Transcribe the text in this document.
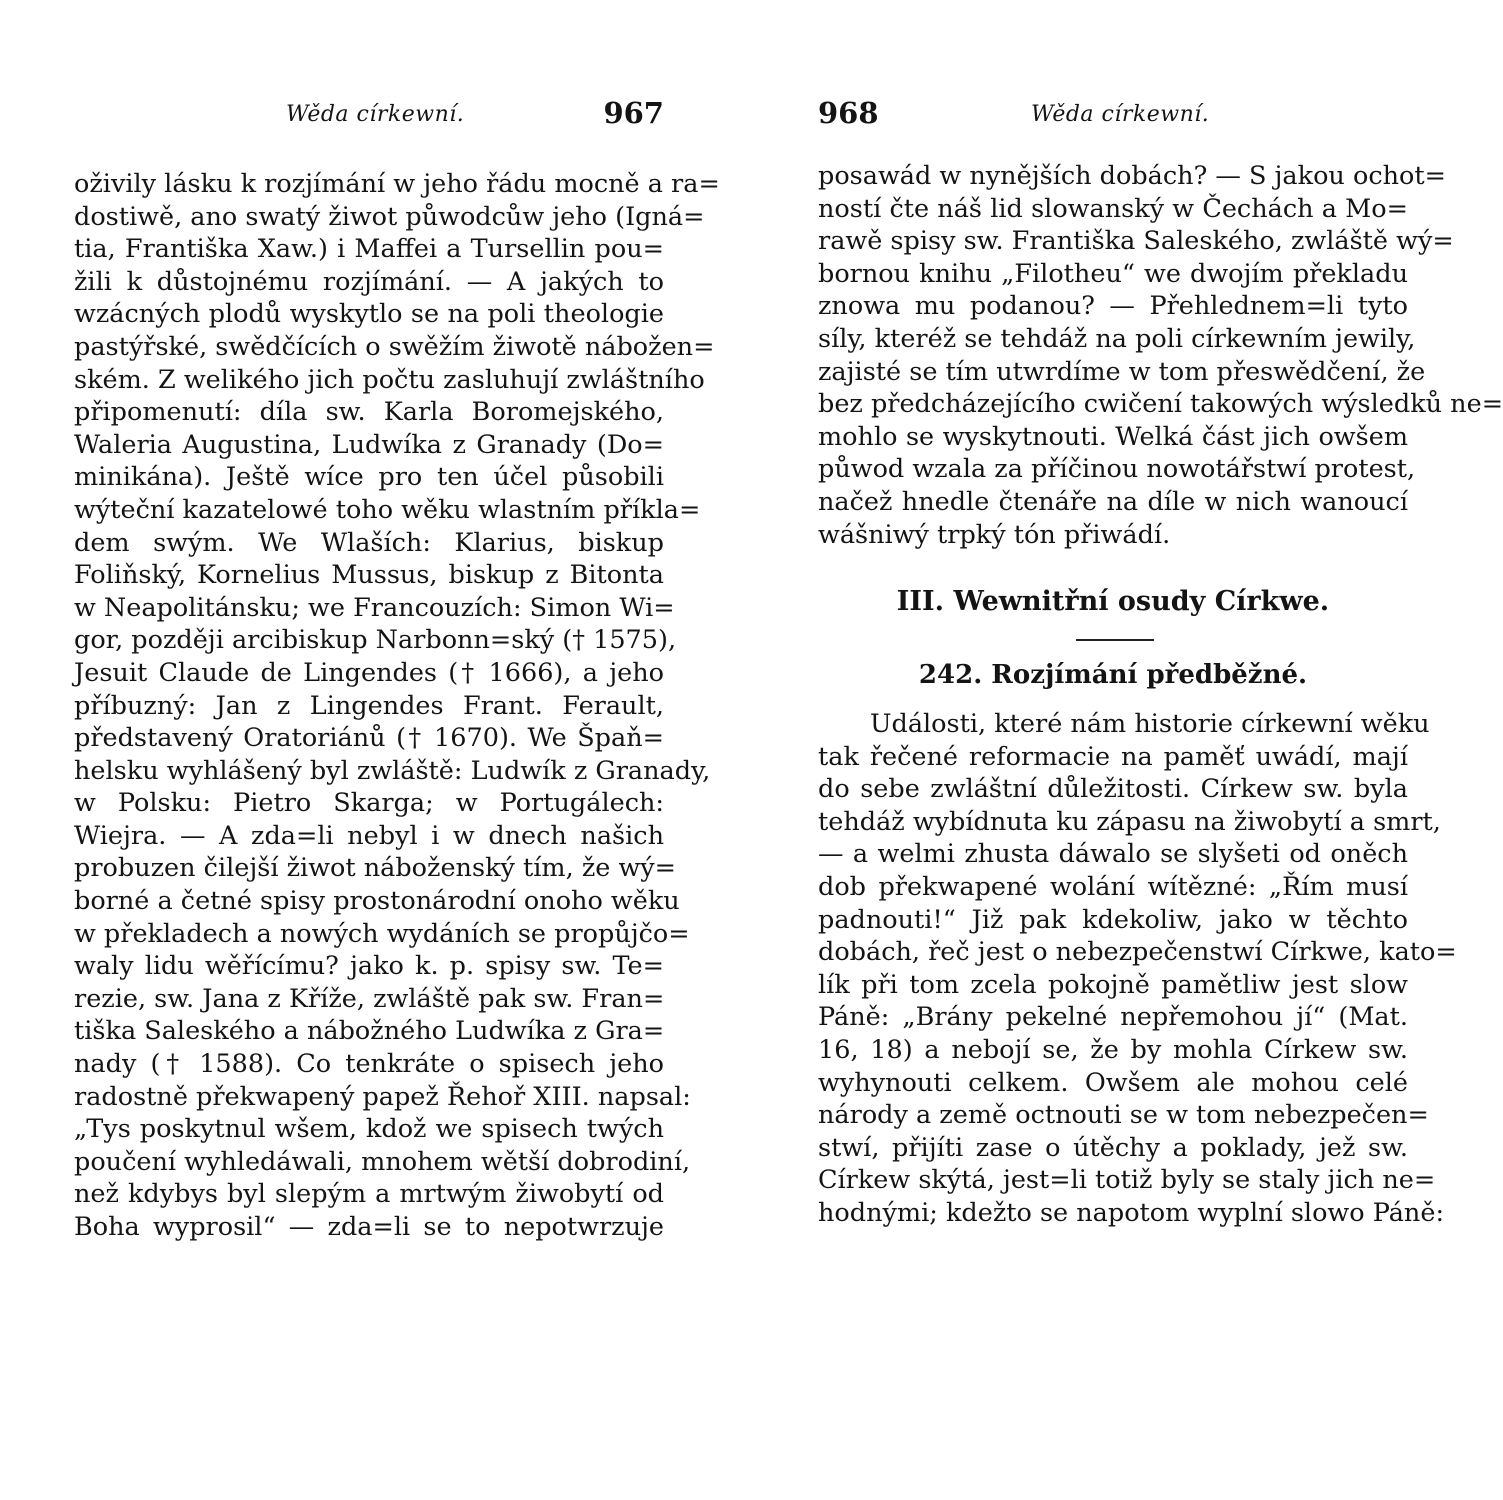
Wěda církewní.	967
oživily lásku k rozjímání w jeho řádu mocně a ra=
dostiwě, ano swatý žiwot půwodcůw jeho (Igná=
tia, Františka Xaw.) i Maffei a Tursellin pou=
žili k důstojnému rozjímání. — A jakých to
wzácných plodů wyskytlo se na poli theologie
pastýřské, swědčících o swěžím žiwotě nábožen=
ském. Z welikého jich počtu zasluhují zwláštního
připomenutí: díla sw. Karla Boromejského,
Waleria Augustina, Ludwíka z Granady (Do=
minikána). Ještě wíce pro ten účel působili
wýteční kazatelowé toho wěku wlastním příkla=
dem swým. We Wlaších: Klarius, biskup
Foliňský, Kornelius Mussus, biskup z Bitonta
w Neapolitánsku; we Francouzích: Simon Wi=
gor, později arcibiskup Narbonn=ský († 1575),
Jesuit Claude de Lingendes († 1666), a jeho
příbuzný: Jan z Lingendes Frant. Ferault,
představený Oratoriánů († 1670). We Špaň=
helsku wyhlášený byl zwláště: Ludwík z Granady,
w Polsku: Pietro Skarga; w Portugálech:
Wiejra. — A zda=li nebyl i w dnech našich
probuzen čilejší žiwot náboženský tím, že wý=
borné a četné spisy prostonárodní onoho wěku
w překladech a nowých wydáních se propůjčo=
waly lidu wěřícímu? jako k. p. spisy sw. Te=
rezie, sw. Jana z Kříže, zwláště pak sw. Fran=
tiška Saleského a nábožného Ludwíka z Gra=
nady († 1588). Co tenkráte o spisech jeho
radostně překwapený papež Řehoř XIII. napsal:
„Tys poskytnul wšem, kdož we spisech twých
poučení wyhledáwali, mnohem wětší dobrodiní,
než kdybys byl slepým a mrtwým žiwobytí od
Boha wyprosil“ — zda=li se to nepotwrzuje
968	Wěda církewní.
posawád w nynějších dobách? — S jakou ochot=
ností čte náš lid slowanský w Čechách a Mo=
rawě spisy sw. Františka Saleského, zwláště wý=
bornou knihu „Filotheu“ we dwojím překladu
znowa mu podanou? — Přehlednem=li tyto
síly, kteréž se tehdáž na poli církewním jewily,
zajisté se tím utwrdíme w tom přeswědčení, že
bez předcházejícího cwičení takowých wýsledků ne=
mohlo se wyskytnouti. Welká část jich owšem
půwod wzala za příčinou nowotářstwí protest,
načež hnedle čtenáře na díle w nich wanoucí
wášniwý trpký tón přiwádí.
III. Wewnitřní osudy Církwe.
242. Rozjímání předběžné.
Události, které nám historie církewní wěku
tak řečené reformacie na paměť uwádí, mají
do sebe zwláštní důležitosti. Církew sw. byla
tehdáž wybídnuta ku zápasu na žiwobytí a smrt,
— a welmi zhusta dáwalo se slyšeti od oněch
dob překwapené wolání wítězné: „Řím musí
padnouti!“ Již pak kdekoliw, jako w těchto
dobách, řeč jest o nebezpečenstwí Církwe, kato=
lík při tom zcela pokojně pamětliw jest slow
Páně: „Brány pekelné nepřemohou jí“ (Mat.
16, 18) a nebojí se, že by mohla Církew sw.
wyhynouti celkem. Owšem ale mohou celé
národy a země octnouti se w tom nebezpečen=
stwí, přijíti zase o útěchy a poklady, jež sw.
Církew skýtá, jest=li totiž byly se staly jich ne=
hodnými; kdežto se napotom wyplní slowo Páně:
